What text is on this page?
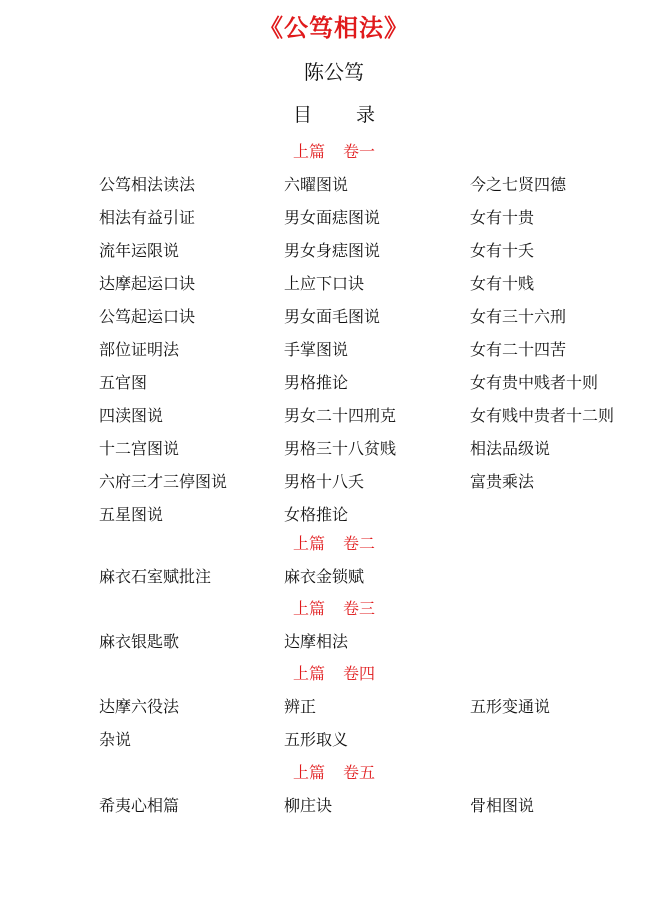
《公笃相法》
陈公笃
目 录
上篇 卷一
公笃相法读法	六曜图说	今之七贤四德
相法有益引证	男女面痣图说	女有十贵
流年运限说	男女身痣图说	女有十夭
达摩起运口诀	上应下口诀	女有十贱
公笃起运口诀	男女面毛图说	女有三十六刑
部位证明法	手掌图说	女有二十四苦
五官图	男格推论	女有贵中贱者十则
四渎图说	男女二十四刑克	女有贱中贵者十二则
十二宫图说	男格三十八贫贱	相法品级说
六府三才三停图说	男格十八夭	富贵乘法
五星图说	女格推论
上篇 卷二
麻衣石室赋批注	麻衣金锁赋
上篇 卷三
麻衣银匙歌	达摩相法
上篇 卷四
达摩六役法	辨正	五形变通说
杂说	五形取义
上篇 卷五
希夷心相篇	柳庄诀	骨相图说
